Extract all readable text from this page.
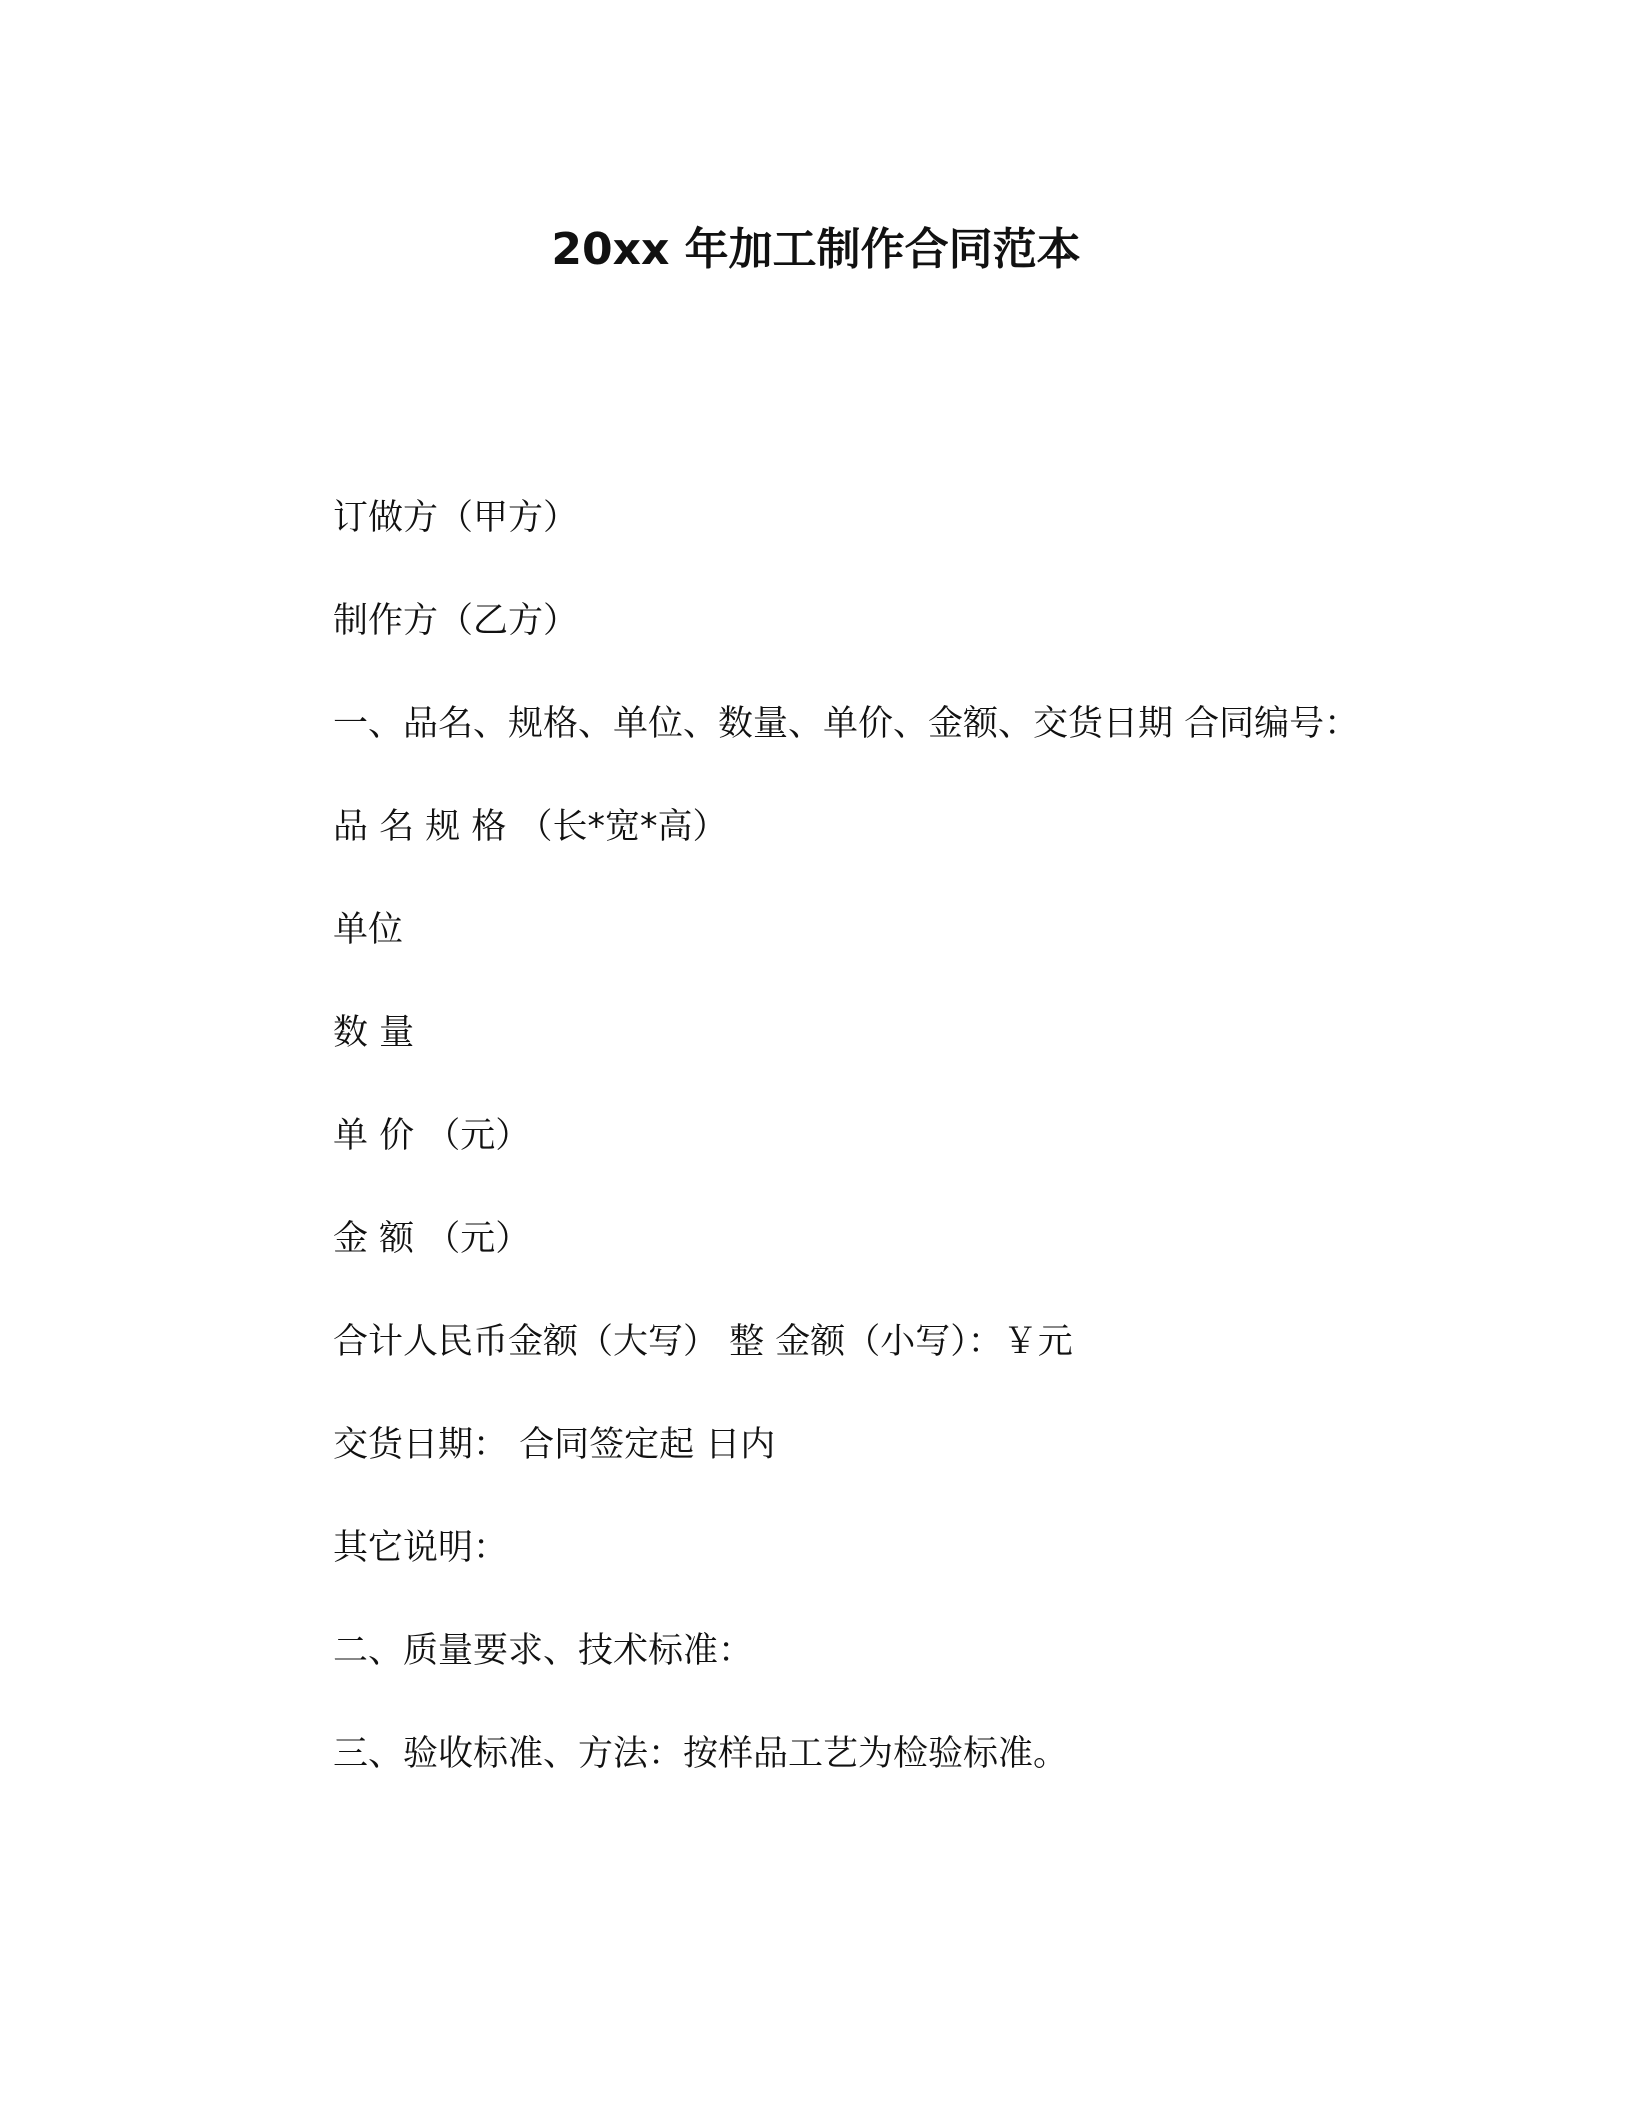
20xx 年加工制作合同范本
订做方（甲方）
制作方（乙方）
一、品名、规格、单位、数量、单价、金额、交货日期 合同编号：
品 名 规 格 （长*宽*高）
单位
数 量
单 价 （元）
金 额 （元）
合计人民币金额（大写） 整 金额（小写）：￥元
交货日期： 合同签定起 日内
其它说明：
二、质量要求、技术标准：
三、验收标准、方法：按样品工艺为检验标准。
